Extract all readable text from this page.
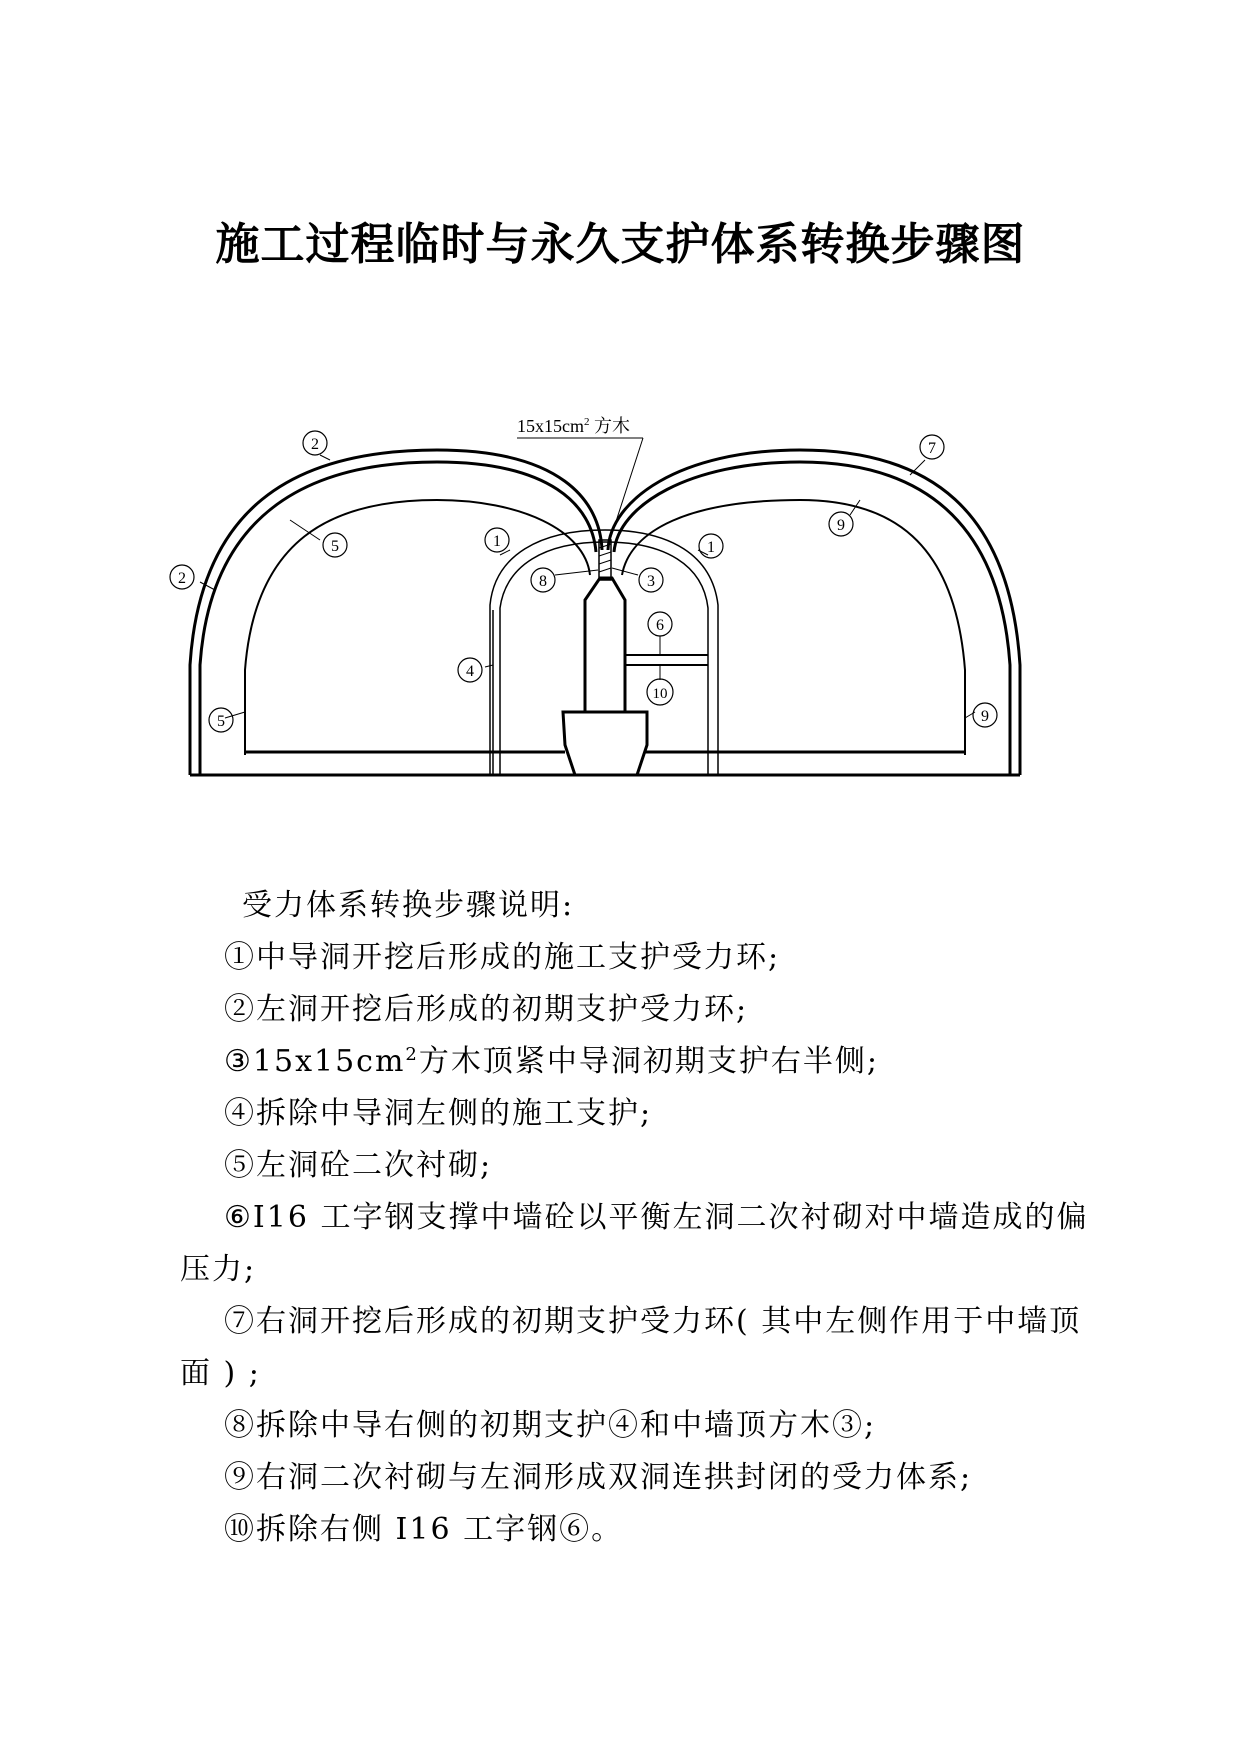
施工过程临时与永久支护体系转换步骤图
$15x15cm^2$ 方木
2
2
5
5
1	1
8	3
6
10
4
7
9
9

受力体系转换步骤说明:

①中导洞开挖后形成的施工支护受力环;

②左洞开挖后形成的初期支护受力环;

$③15x15cm^2$方木顶紧中导洞初期支护右半侧;

④拆除中导洞左侧的施工支护;

⑤左洞砼二次衬砌;

⑥I16 工字钢支撑中墙砼以平衡左洞二次衬砌对中墙造成的偏压力;

⑦右洞开挖后形成的初期支护受力环( 其中左侧作用于中墙顶面 ) ;

⑧拆除中导右侧的初期支护④和中墙顶方木③;

⑨右洞二次衬砌与左洞形成双洞连拱封闭的受力体系;

⑩拆除右侧 I16 工字钢⑥。
